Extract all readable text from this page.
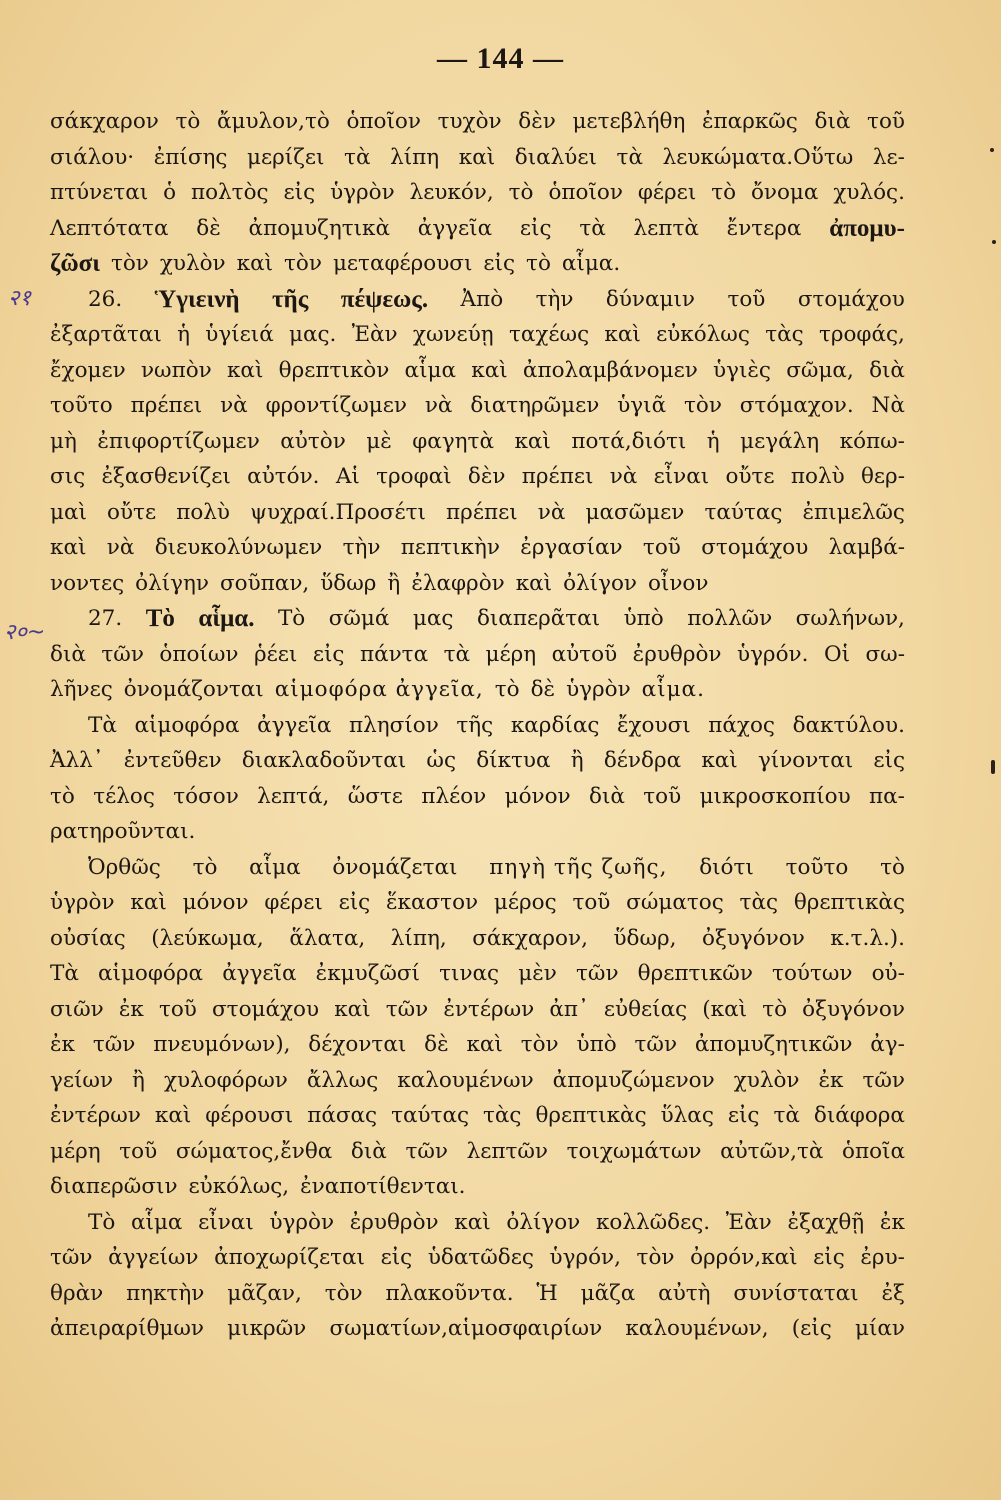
— 144 —
२१
२०~
σάκχαρον τὸ ἄμυλον,τὸ ὁποῖον τυχὸν δὲν μετεβλήθη ἐπαρκῶς διὰ τοῦ
σιάλου· ἐπίσης μερίζει τὰ λίπη καὶ διαλύει τὰ λευκώματα.Οὕτω λε-
πτύνεται ὁ πολτὸς εἰς ὑγρὸν λευκόν, τὸ ὁποῖον φέρει τὸ ὄνομα χυλός.
Λεπτότατα δὲ ἀπομυζητικὰ ἀγγεῖα εἰς τὰ λεπτὰ ἔντερα ἀπομυ-
ζῶσι τὸν χυλὸν καὶ τὸν μεταφέρουσι εἰς τὸ αἷμα.
26. Ὑγιεινὴ τῆς πέψεως. Ἀπὸ τὴν δύναμιν τοῦ στομάχου
ἐξαρτᾶται ἡ ὑγίειά μας. Ἐὰν χωνεύῃ ταχέως καὶ εὐκόλως τὰς τροφάς,
ἔχομεν νωπὸν καὶ θρεπτικὸν αἷμα καὶ ἀπολαμβάνομεν ὑγιὲς σῶμα, διὰ
τοῦτο πρέπει νὰ φροντίζωμεν νὰ διατηρῶμεν ὑγιᾶ τὸν στόμαχον. Νὰ
μὴ ἐπιφορτίζωμεν αὐτὸν μὲ φαγητὰ καὶ ποτά,διότι ἡ μεγάλη κόπω-
σις ἐξασθενίζει αὐτόν. Αἱ τροφαὶ δὲν πρέπει νὰ εἶναι οὔτε πολὺ θερ-
μαὶ οὔτε πολὺ ψυχραί.Προσέτι πρέπει νὰ μασῶμεν ταύτας ἐπιμελῶς
καὶ νὰ διευκολύνωμεν τὴν πεπτικὴν ἐργασίαν τοῦ στομάχου λαμβά-
νοντες ὀλίγην σοῦπαν, ὕδωρ ἢ ἐλαφρὸν καὶ ὀλίγον οἶνον
27. Τὸ αἷμα. Τὸ σῶμά μας διαπερᾶται ὑπὸ πολλῶν σωλήνων,
διὰ τῶν ὁποίων ῥέει εἰς πάντα τὰ μέρη αὐτοῦ ἐρυθρὸν ὑγρόν. Οἱ σω-
λῆνες ὀνομάζονται αἱμοφόρα ἀγγεῖα, τὸ δὲ ὑγρὸν αἷμα.
Τὰ αἱμοφόρα ἀγγεῖα πλησίον τῆς καρδίας ἔχουσι πάχος δακτύλου.
Ἀλλ᾽ ἐντεῦθεν διακλαδοῦνται ὡς δίκτυα ἢ δένδρα καὶ γίνονται εἰς
τὸ τέλος τόσον λεπτά, ὥστε πλέον μόνον διὰ τοῦ μικροσκοπίου πα-
ρατηροῦνται.
Ὀρθῶς τὸ αἷμα ὀνομάζεται πηγὴ τῆς ζωῆς, διότι τοῦτο τὸ
ὑγρὸν καὶ μόνον φέρει εἰς ἕκαστον μέρος τοῦ σώματος τὰς θρεπτικὰς
οὐσίας (λεύκωμα, ἅλατα, λίπη, σάκχαρον, ὕδωρ, ὀξυγόνον κ.τ.λ.).
Τὰ αἱμοφόρα ἀγγεῖα ἐκμυζῶσί τινας μὲν τῶν θρεπτικῶν τούτων οὐ-
σιῶν ἐκ τοῦ στομάχου καὶ τῶν ἐντέρων ἀπ᾽ εὐθείας (καὶ τὸ ὀξυγόνον
ἐκ τῶν πνευμόνων), δέχονται δὲ καὶ τὸν ὑπὸ τῶν ἀπομυζητικῶν ἀγ-
γείων ἢ χυλοφόρων ἄλλως καλουμένων ἀπομυζώμενον χυλὸν ἐκ τῶν
ἐντέρων καὶ φέρουσι πάσας ταύτας τὰς θρεπτικὰς ὕλας εἰς τὰ διάφορα
μέρη τοῦ σώματος,ἔνθα διὰ τῶν λεπτῶν τοιχωμάτων αὐτῶν,τὰ ὁποῖα
διαπερῶσιν εὐκόλως, ἐναποτίθενται.
Τὸ αἷμα εἶναι ὑγρὸν ἐρυθρὸν καὶ ὀλίγον κολλῶδες. Ἐὰν ἐξαχθῇ ἐκ
τῶν ἀγγείων ἀποχωρίζεται εἰς ὑδατῶδες ὑγρόν, τὸν ὀρρόν,καὶ εἰς ἐρυ-
θρὰν πηκτὴν μᾶζαν, τὸν πλακοῦντα. Ἡ μᾶζα αὐτὴ συνίσταται ἐξ
ἀπειραρίθμων μικρῶν σωματίων,αἱμοσφαιρίων καλουμένων, (εἰς μίαν
